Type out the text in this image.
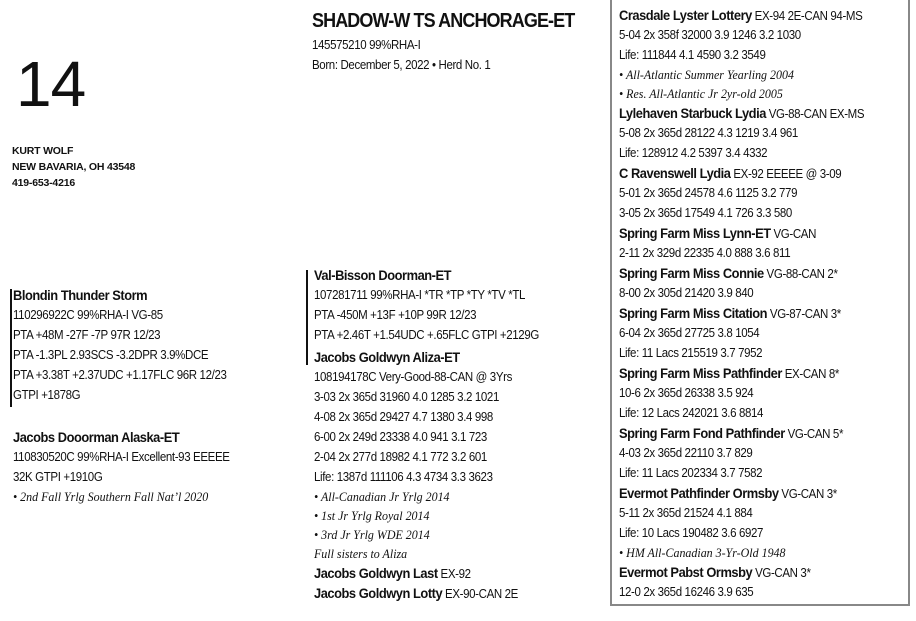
14
KURT WOLF
NEW BAVARIA, OH 43548
419-653-4216
SHADOW-W TS ANCHORAGE-ET
145575210 99%RHA-I
Born: December 5, 2022 • Herd No. 1
Blondin Thunder Storm
110296922C 99%RHA-I VG-85
PTA +48M -27F -7P 97R 12/23
PTA -1.3PL 2.93SCS -3.2DPR 3.9%DCE
PTA +3.38T +2.37UDC +1.17FLC 96R 12/23
GTPI +1878G
Jacobs Dooorman Alaska-ET
110830520C 99%RHA-I Excellent-93 EEEEE
32K GTPI +1910G
• 2nd Fall Yrlg Southern Fall Nat’l 2020
Val-Bisson Doorman-ET
107281711 99%RHA-I *TR *TP *TY *TV *TL
PTA -450M +13F +10P 99R 12/23
PTA +2.46T +1.54UDC +.65FLC GTPI +2129G
Jacobs Goldwyn Aliza-ET
108194178C Very-Good-88-CAN @ 3Yrs
3-03 2x 365d 31960 4.0 1285 3.2 1021
4-08 2x 365d 29427 4.7 1380 3.4 998
6-00 2x 249d 23338 4.0 941 3.1 723
2-04 2x 277d 18982 4.1 772 3.2 601
Life: 1387d 111106 4.3 4734 3.3 3623
• All-Canadian Jr Yrlg 2014
• 1st Jr Yrlg Royal 2014
• 3rd Jr Yrlg WDE 2014
Full sisters to Aliza
Jacobs Goldwyn Last EX-92
Jacobs Goldwyn Lotty EX-90-CAN 2E
Crasdale Lyster Lottery EX-94 2E-CAN 94-MS
5-04 2x 358f 32000 3.9 1246 3.2 1030
Life: 111844 4.1 4590 3.2 3549
• All-Atlantic Summer Yearling 2004
• Res. All-Atlantic Jr 2yr-old 2005
Lylehaven Starbuck Lydia VG-88-CAN EX-MS
5-08 2x 365d 28122 4.3 1219 3.4 961
Life: 128912 4.2 5397 3.4 4332
C Ravenswell Lydia EX-92 EEEEE @ 3-09
5-01 2x 365d 24578 4.6 1125 3.2 779
3-05 2x 365d 17549 4.1 726 3.3 580
Spring Farm Miss Lynn-ET VG-CAN
2-11 2x 329d 22335 4.0 888 3.6 811
Spring Farm Miss Connie VG-88-CAN 2*
8-00 2x 305d 21420 3.9 840
Spring Farm Miss Citation VG-87-CAN 3*
6-04 2x 365d 27725 3.8 1054
Life: 11 Lacs 215519 3.7 7952
Spring Farm Miss Pathfinder EX-CAN 8*
10-6 2x 365d 26338 3.5 924
Life: 12 Lacs 242021 3.6 8814
Spring Farm Fond Pathfinder VG-CAN 5*
4-03 2x 365d 22110 3.7 829
Life: 11 Lacs 202334 3.7 7582
Evermot Pathfinder Ormsby VG-CAN 3*
5-11 2x 365d 21524 4.1 884
Life: 10 Lacs 190482 3.6 6927
• HM All-Canadian 3-Yr-Old 1948
Evermot Pabst Ormsby VG-CAN 3*
12-0 2x 365d 16246 3.9 635
